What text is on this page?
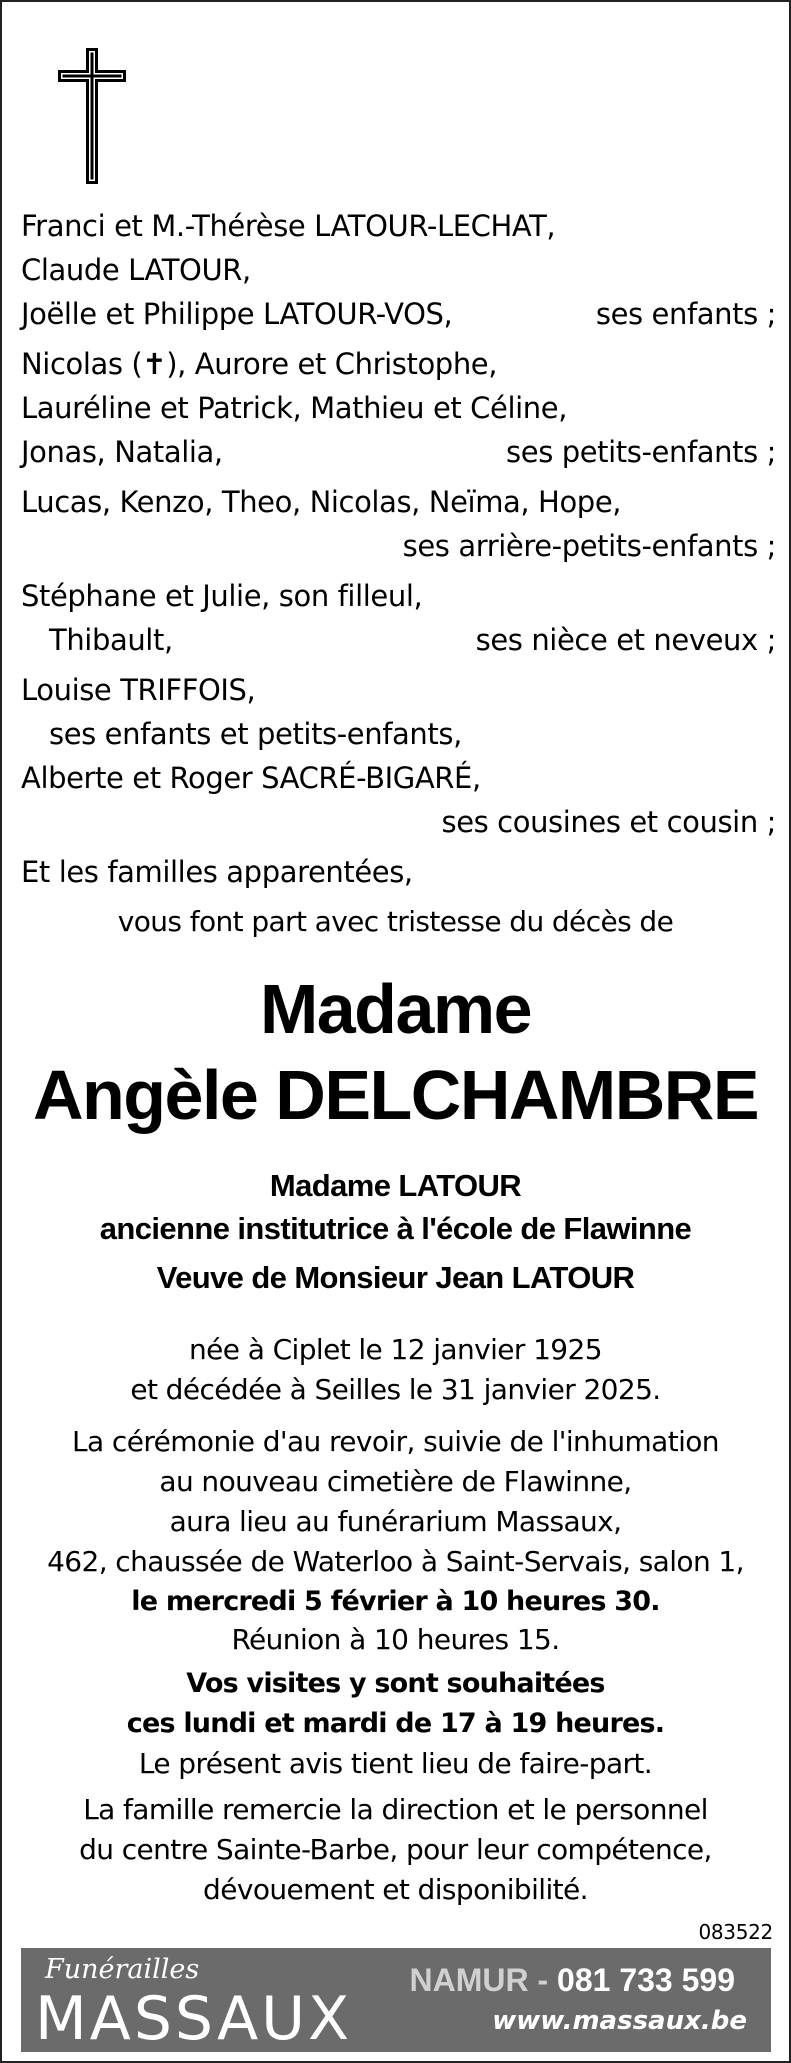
Franci et M.-Thérèse LATOUR-LECHAT,
Claude LATOUR,
Joëlle et Philippe LATOUR-VOS,	ses enfants ;
Nicolas (✝), Aurore et Christophe,
Lauréline et Patrick, Mathieu et Céline,
Jonas, Natalia,	ses petits-enfants ;
Lucas, Kenzo, Theo, Nicolas, Neïma, Hope,
ses arrière-petits-enfants ;
Stéphane et Julie, son filleul,
Thibault,	ses nièce et neveux ;
Louise TRIFFOIS,
ses enfants et petits-enfants,
Alberte et Roger SACRÉ-BIGARÉ,
ses cousines et cousin ;
Et les familles apparentées,
vous font part avec tristesse du décès de
Madame
Angèle DELCHAMBRE
Madame LATOUR
ancienne institutrice à l'école de Flawinne
Veuve de Monsieur Jean LATOUR
née à Ciplet le 12 janvier 1925
et décédée à Seilles le 31 janvier 2025.
La cérémonie d'au revoir, suivie de l'inhumation
au nouveau cimetière de Flawinne,
aura lieu au funérarium Massaux,
462, chaussée de Waterloo à Saint-Servais, salon 1,
le mercredi 5 février à 10 heures 30.
Réunion à 10 heures 15.
Vos visites y sont souhaitées
ces lundi et mardi de 17 à 19 heures.
Le présent avis tient lieu de faire-part.
La famille remercie la direction et le personnel
du centre Sainte-Barbe, pour leur compétence,
dévouement et disponibilité.
083522
Funérailles
MASSAUX
NAMUR - 081 733 599
www.massaux.be
